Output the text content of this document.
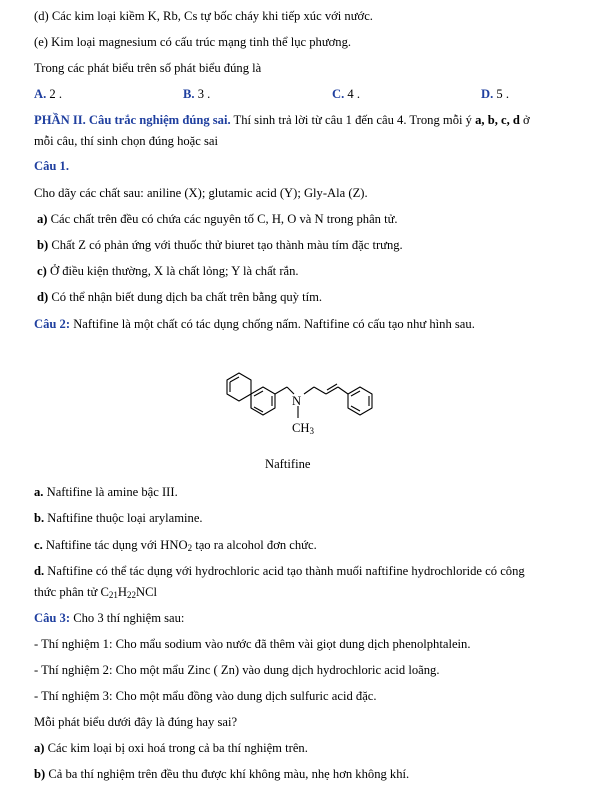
(d) Các kim loại kiềm K, Rb, Cs tự bốc cháy khi tiếp xúc với nước.
(e) Kim loại magnesium có cấu trúc mạng tinh thể lục phương.
Trong các phát biểu trên số phát biểu đúng là
A. 2 .	B. 3 .	C. 4 .	D. 5 .
PHẦN II. Câu trắc nghiệm đúng sai. Thí sinh trả lời từ câu 1 đến câu 4. Trong mỗi ý a, b, c, d ở
mỗi câu, thí sinh chọn đúng hoặc sai
Câu 1.
Cho dãy các chất sau: aniline (X); glutamic acid (Y); Gly-Ala (Z).
a) Các chất trên đều có chứa các nguyên tố C, H, O và N trong phân tử.
b) Chất Z có phản ứng với thuốc thử biuret tạo thành màu tím đặc trưng.
c) Ở điều kiện thường, X là chất lỏng; Y là chất rắn.
d) Có thể nhận biết dung dịch ba chất trên bằng quỳ tím.
Câu 2: Naftifine là một chất có tác dụng chống nấm. Naftifine có cấu tạo như hình sau.
N
CH3
Naftifine
a. Naftifine là amine bậc III.
b. Naftifine thuộc loại arylamine.
c. Naftifine tác dụng với $HNO_2$ tạo ra alcohol đơn chức.
d. Naftifine có thể tác dụng với hydrochloric acid tạo thành muối naftifine hydrochloride có công
thức phân tử $C_{21}H_{22}NCl$
Câu 3: Cho 3 thí nghiệm sau:
- Thí nghiệm 1: Cho mẩu sodium vào nước đã thêm vài giọt dung dịch phenolphtalein.
- Thí nghiệm 2: Cho một mẩu Zinc ( Zn) vào dung dịch hydrochloric acid loãng.
- Thí nghiệm 3: Cho một mẩu đồng vào dung dịch sulfuric acid đặc.
Mỗi phát biểu dưới đây là đúng hay sai?
a) Các kim loại bị oxi hoá trong cả ba thí nghiệm trên.
b) Cả ba thí nghiệm trên đều thu được khí không màu, nhẹ hơn không khí.
